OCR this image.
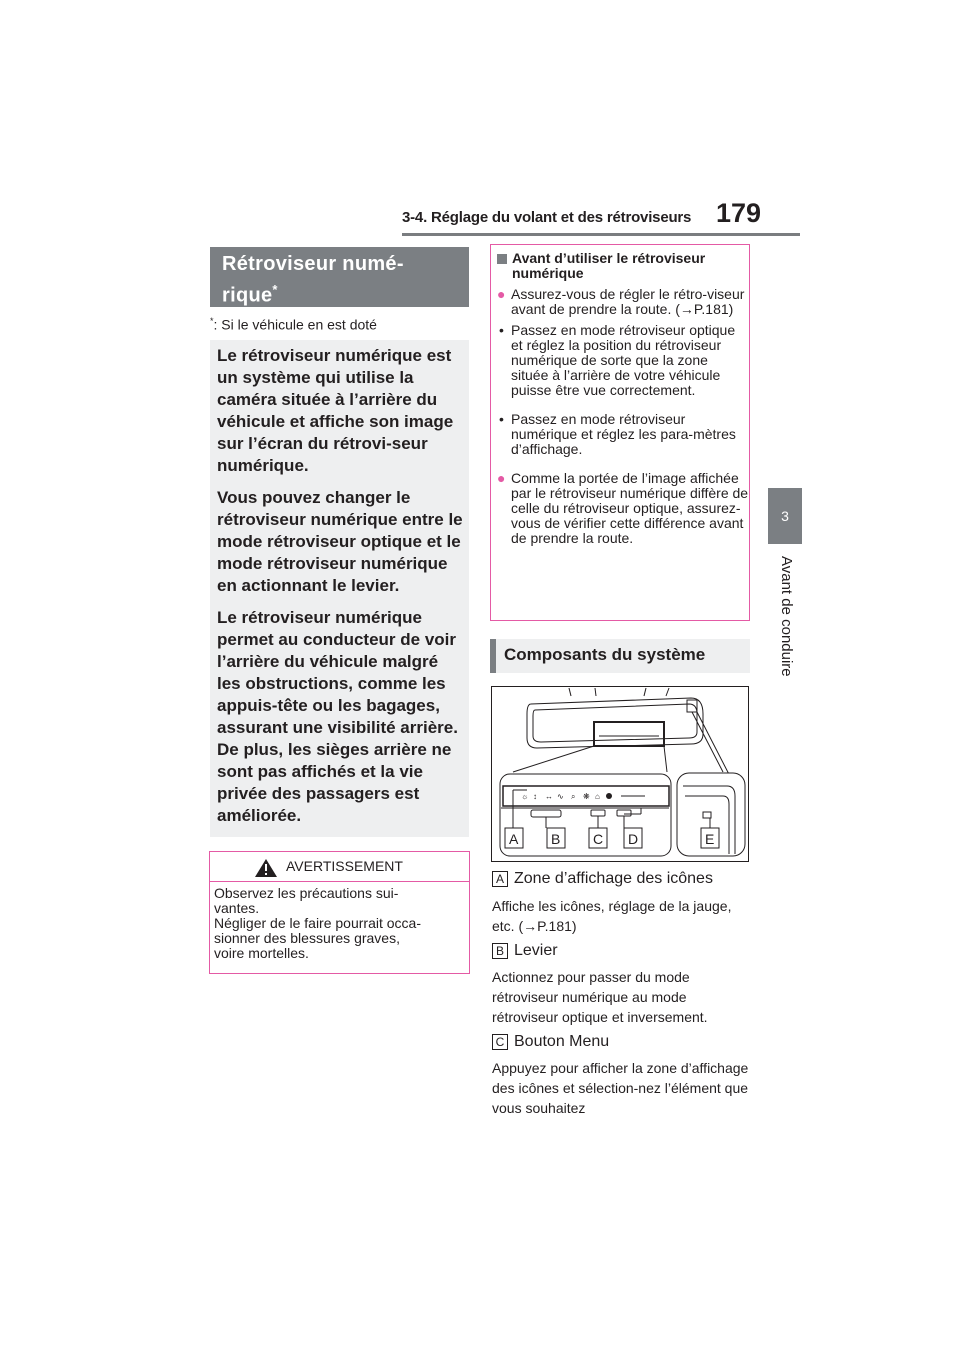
3-4. Réglage du volant et des rétroviseurs 179
3
Avant de conduire
Rétroviseur numé-
rique*
*: Si le véhicule en est doté

Le rétroviseur numérique est un système qui utilise la caméra située à l’arrière du véhicule et affiche son image sur l’écran du rétrovi-seur numérique.

Vous pouvez changer le rétroviseur numérique entre le mode rétroviseur optique et le mode rétroviseur numérique en actionnant le levier.

Le rétroviseur numérique permet au conducteur de voir l’arrière du véhicule malgré les obstructions, comme les appuis-tête ou les bagages, assurant une visibilité arrière. De plus, les sièges arrière ne sont pas affichés et la vie privée des passagers est améliorée.

AVERTISSEMENT
Observez les précautions sui-
vantes.
Négliger de le faire pourrait occa-
sionner des blessures graves,
voire mortelles.
Avant d’utiliser le rétroviseur numérique
● Assurez-vous de régler le rétro-viseur avant de prendre la route. (→P.181)
• Passez en mode rétroviseur optique et réglez la position du rétroviseur numérique de sorte que la zone située à l’arrière de votre véhicule puisse être vue correctement.
• Passez en mode rétroviseur numérique et réglez les para-mètres d’affichage.
● Comme la portée de l’image affichée par le rétroviseur numérique diffère de celle du rétroviseur optique, assurez-vous de vérifier cette différence avant de prendre la route.
Composants du système
☼ ↕ ↔ ∿ ⌕ ❋ ⌂
A B C D	E
A Zone d’affichage des icônes
Affiche les icônes, réglage de la jauge, etc. (→P.181)
B Levier
Actionnez pour passer du mode rétroviseur numérique au mode rétroviseur optique et inversement.
C Bouton Menu
Appuyez pour afficher la zone d’affichage des icônes et sélection-nez l’élément que vous souhaitez
